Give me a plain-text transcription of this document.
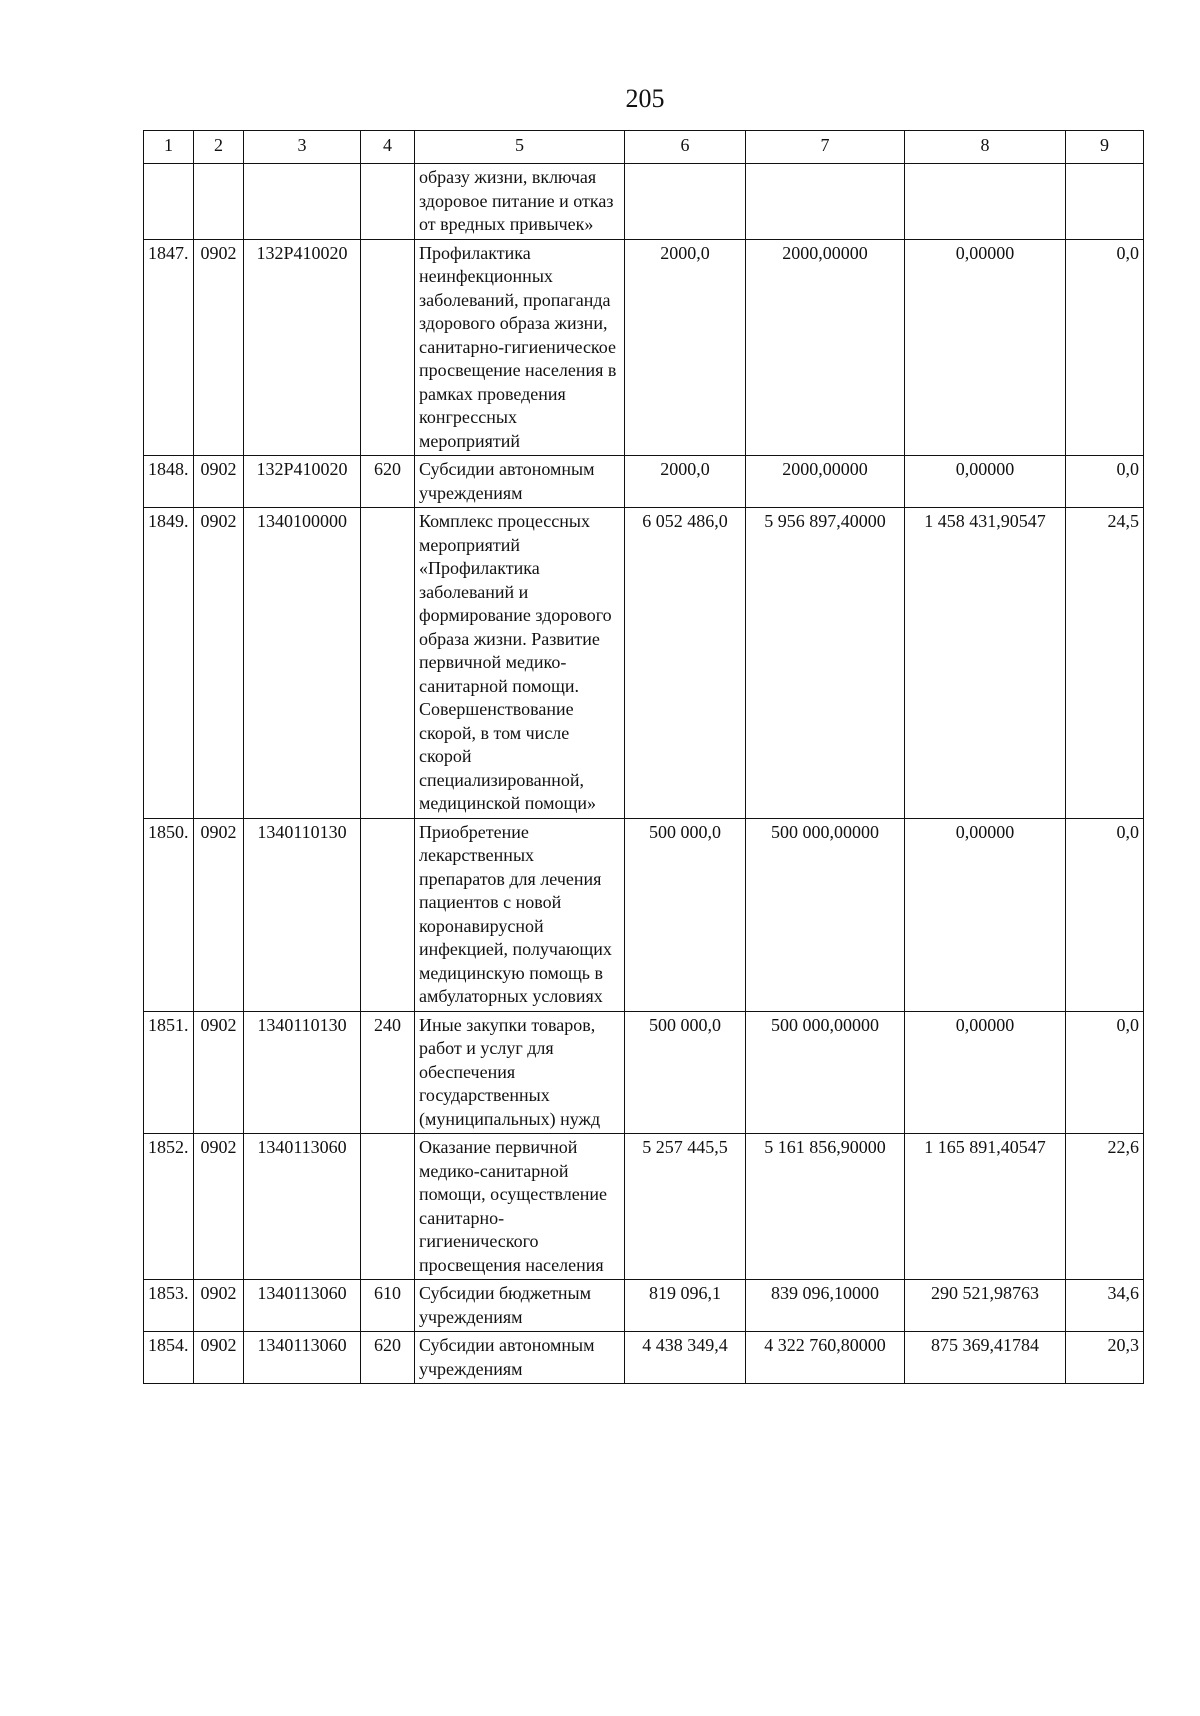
205
1	2	3	4	5	6	7	8	9
				образу жизни, включая здоровое питание и отказ от вредных привычек»				
1847.	0902	132Р410020		Профилактика неинфекционных заболеваний, пропаганда здорового образа жизни, санитарно-гигиеническое просвещение населения в рамках проведения конгрессных мероприятий	2000,0	2000,00000	0,00000	0,0
1848.	0902	132Р410020	620	Субсидии автономным учреждениям	2000,0	2000,00000	0,00000	0,0
1849.	0902	1340100000		Комплекс процессных мероприятий «Профилактика заболеваний и формирование здорового образа жизни. Развитие первичной медико-санитарной помощи. Совершенствование скорой, в том числе скорой специализированной, медицинской помощи»	6 052 486,0	5 956 897,40000	1 458 431,90547	24,5
1850.	0902	1340110130		Приобретение лекарственных препаратов для лечения пациентов с новой коронавирусной инфекцией, получающих медицинскую помощь в амбулаторных условиях	500 000,0	500 000,00000	0,00000	0,0
1851.	0902	1340110130	240	Иные закупки товаров, работ и услуг для обеспечения государственных (муниципальных) нужд	500 000,0	500 000,00000	0,00000	0,0
1852.	0902	1340113060		Оказание первичной медико-санитарной помощи, осуществление санитарно-гигиенического просвещения населения	5 257 445,5	5 161 856,90000	1 165 891,40547	22,6
1853.	0902	1340113060	610	Субсидии бюджетным учреждениям	819 096,1	839 096,10000	290 521,98763	34,6
1854.	0902	1340113060	620	Субсидии автономным учреждениям	4 438 349,4	4 322 760,80000	875 369,41784	20,3
